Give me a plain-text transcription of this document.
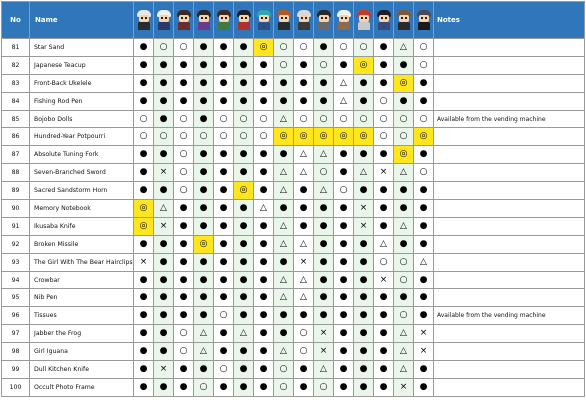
No	Name																Notes
81	Star Sand	●	○	○	●	●	●	◎	○	○	●	○	○	●	△	○	
82	Japanese Teacup	●	●	●	●	●	●	●	○	●	○	●	◎	●	●	○	
83	Front-Back Ukelele	●	●	●	●	●	●	●	●	●	●	△	●	●	◎	●	
84	Fishing Rod Pen	●	●	●	●	●	●	●	●	●	●	△	●	○	●	●	
85	Bojobo Dolls	○	●	○	●	○	○	○	△	○	○	○	○	○	○	○	Available from the vending machine
86	Hundred-Year Potpourri	○	○	○	○	○	○	○	◎	◎	◎	◎	◎	○	○	◎	
87	Absolute Tuning Fork	●	●	○	●	●	●	●	●	△	△	●	●	●	◎	●	
88	Seven-Branched Sword	●	×	○	●	●	●	●	△	△	○	●	△	×	△	○	
89	Sacred Sandstorm Horn	●	●	○	●	●	◎	●	△	●	△	○	●	●	●	●	
90	Memory Notebook	◎	△	●	●	●	●	△	●	●	●	●	×	●	●	●	
91	Ikusaba Knife	◎	×	●	●	●	●	●	△	●	●	●	×	●	△	●	
92	Broken Missile	●	●	●	◎	●	●	●	△	△	●	●	●	△	●	●	
93	The Girl With The Bear Hairclips	×	●	●	●	●	●	●	●	×	●	●	●	○	○	△	
94	Crowbar	●	●	●	●	●	●	●	△	△	●	●	●	×	○	●	
95	Nib Pen	●	●	●	●	●	●	●	△	△	●	●	●	●	●	●	
96	Tissues	●	●	●	●	○	●	●	●	●	●	●	●	●	○	●	Available from the vending machine
97	Jabber the Frog	●	●	○	△	●	△	●	●	○	×	●	●	●	△	×	
98	Girl Iguana	●	●	○	△	●	●	●	△	○	×	●	●	●	△	×	
99	Dull Kitchen Knife	●	×	●	●	○	●	●	○	●	△	●	●	●	△	●	
100	Occult Photo Frame	●	●	●	○	●	●	●	○	●	○	●	●	●	×	●	
